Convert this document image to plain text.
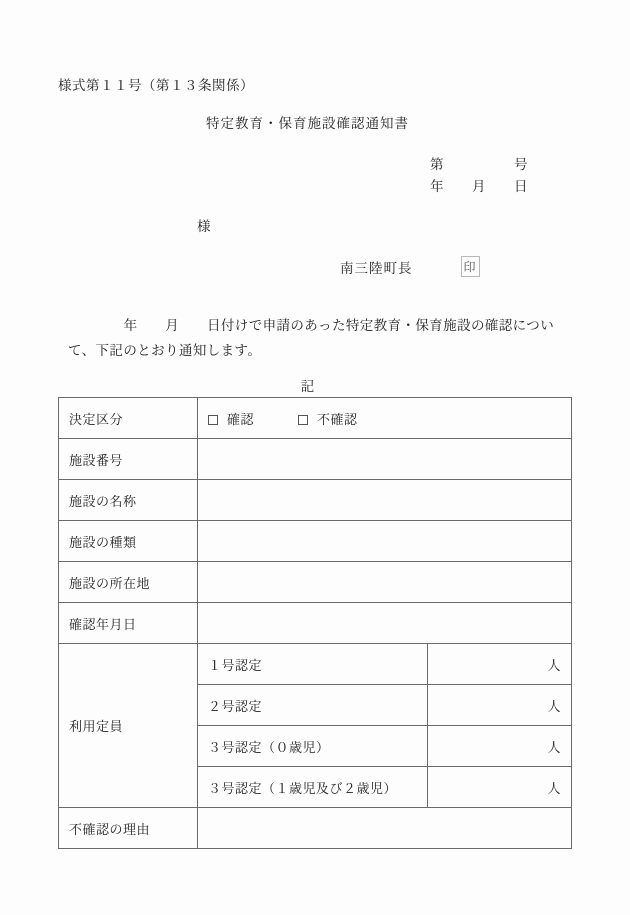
様式第１１号（第１３条関係）
特定教育・保育施設確認通知書
第　　　　　号
年　　月　　日
様
南三陸町長	印
　　　　年　　月　　日付けで申請のあった特定教育・保育施設の確認について、下記のとおり通知します。
記
決定区分	確認 不確認	

施設番号		
施設の名称		
施設の種類		
施設の所在地		
確認年月日		
利用定員	１号認定	人
	２号認定	人
	３号認定（０歳児）	人
	３号認定（１歳児及び２歳児）	人
不確認の理由		
